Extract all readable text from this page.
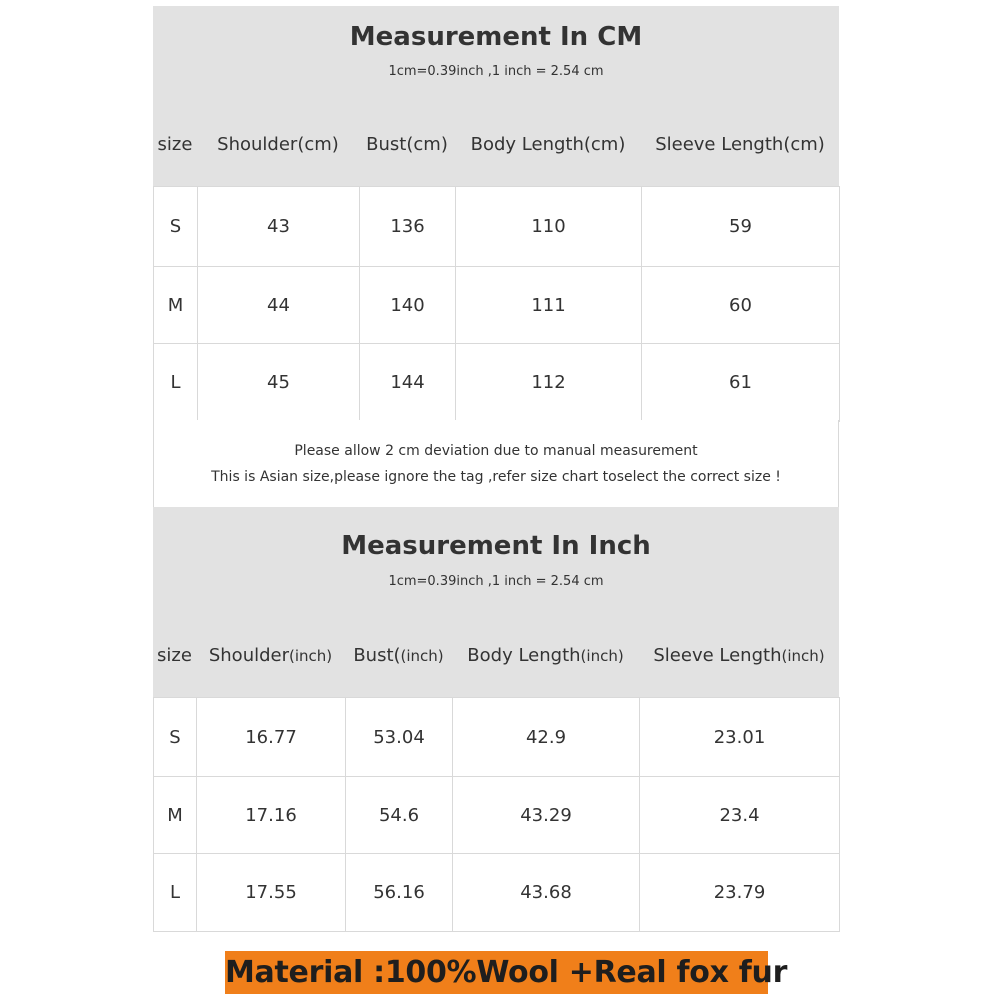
Measurement In CM
1cm=0.39inch ,1 inch = 2.54 cm
size	Shoulder(cm)	Bust(cm)	Body Length(cm)	Sleeve Length(cm)
S	43	136	110	59
M	44	140	111	60
L	45	144	112	61
Please allow 2 cm deviation due to manual measurement
This is Asian size,please ignore the tag ,refer size chart toselect the correct size !
Measurement In Inch
1cm=0.39inch ,1 inch = 2.54 cm
size Shoulder(inch)	Bust((inch)	Body Length(inch)	Sleeve Length(inch)
S	16.77	53.04	42.9	23.01
M	17.16	54.6	43.29	23.4
L	17.55	56.16	43.68	23.79
Material :100%Wool +Real fox fur
